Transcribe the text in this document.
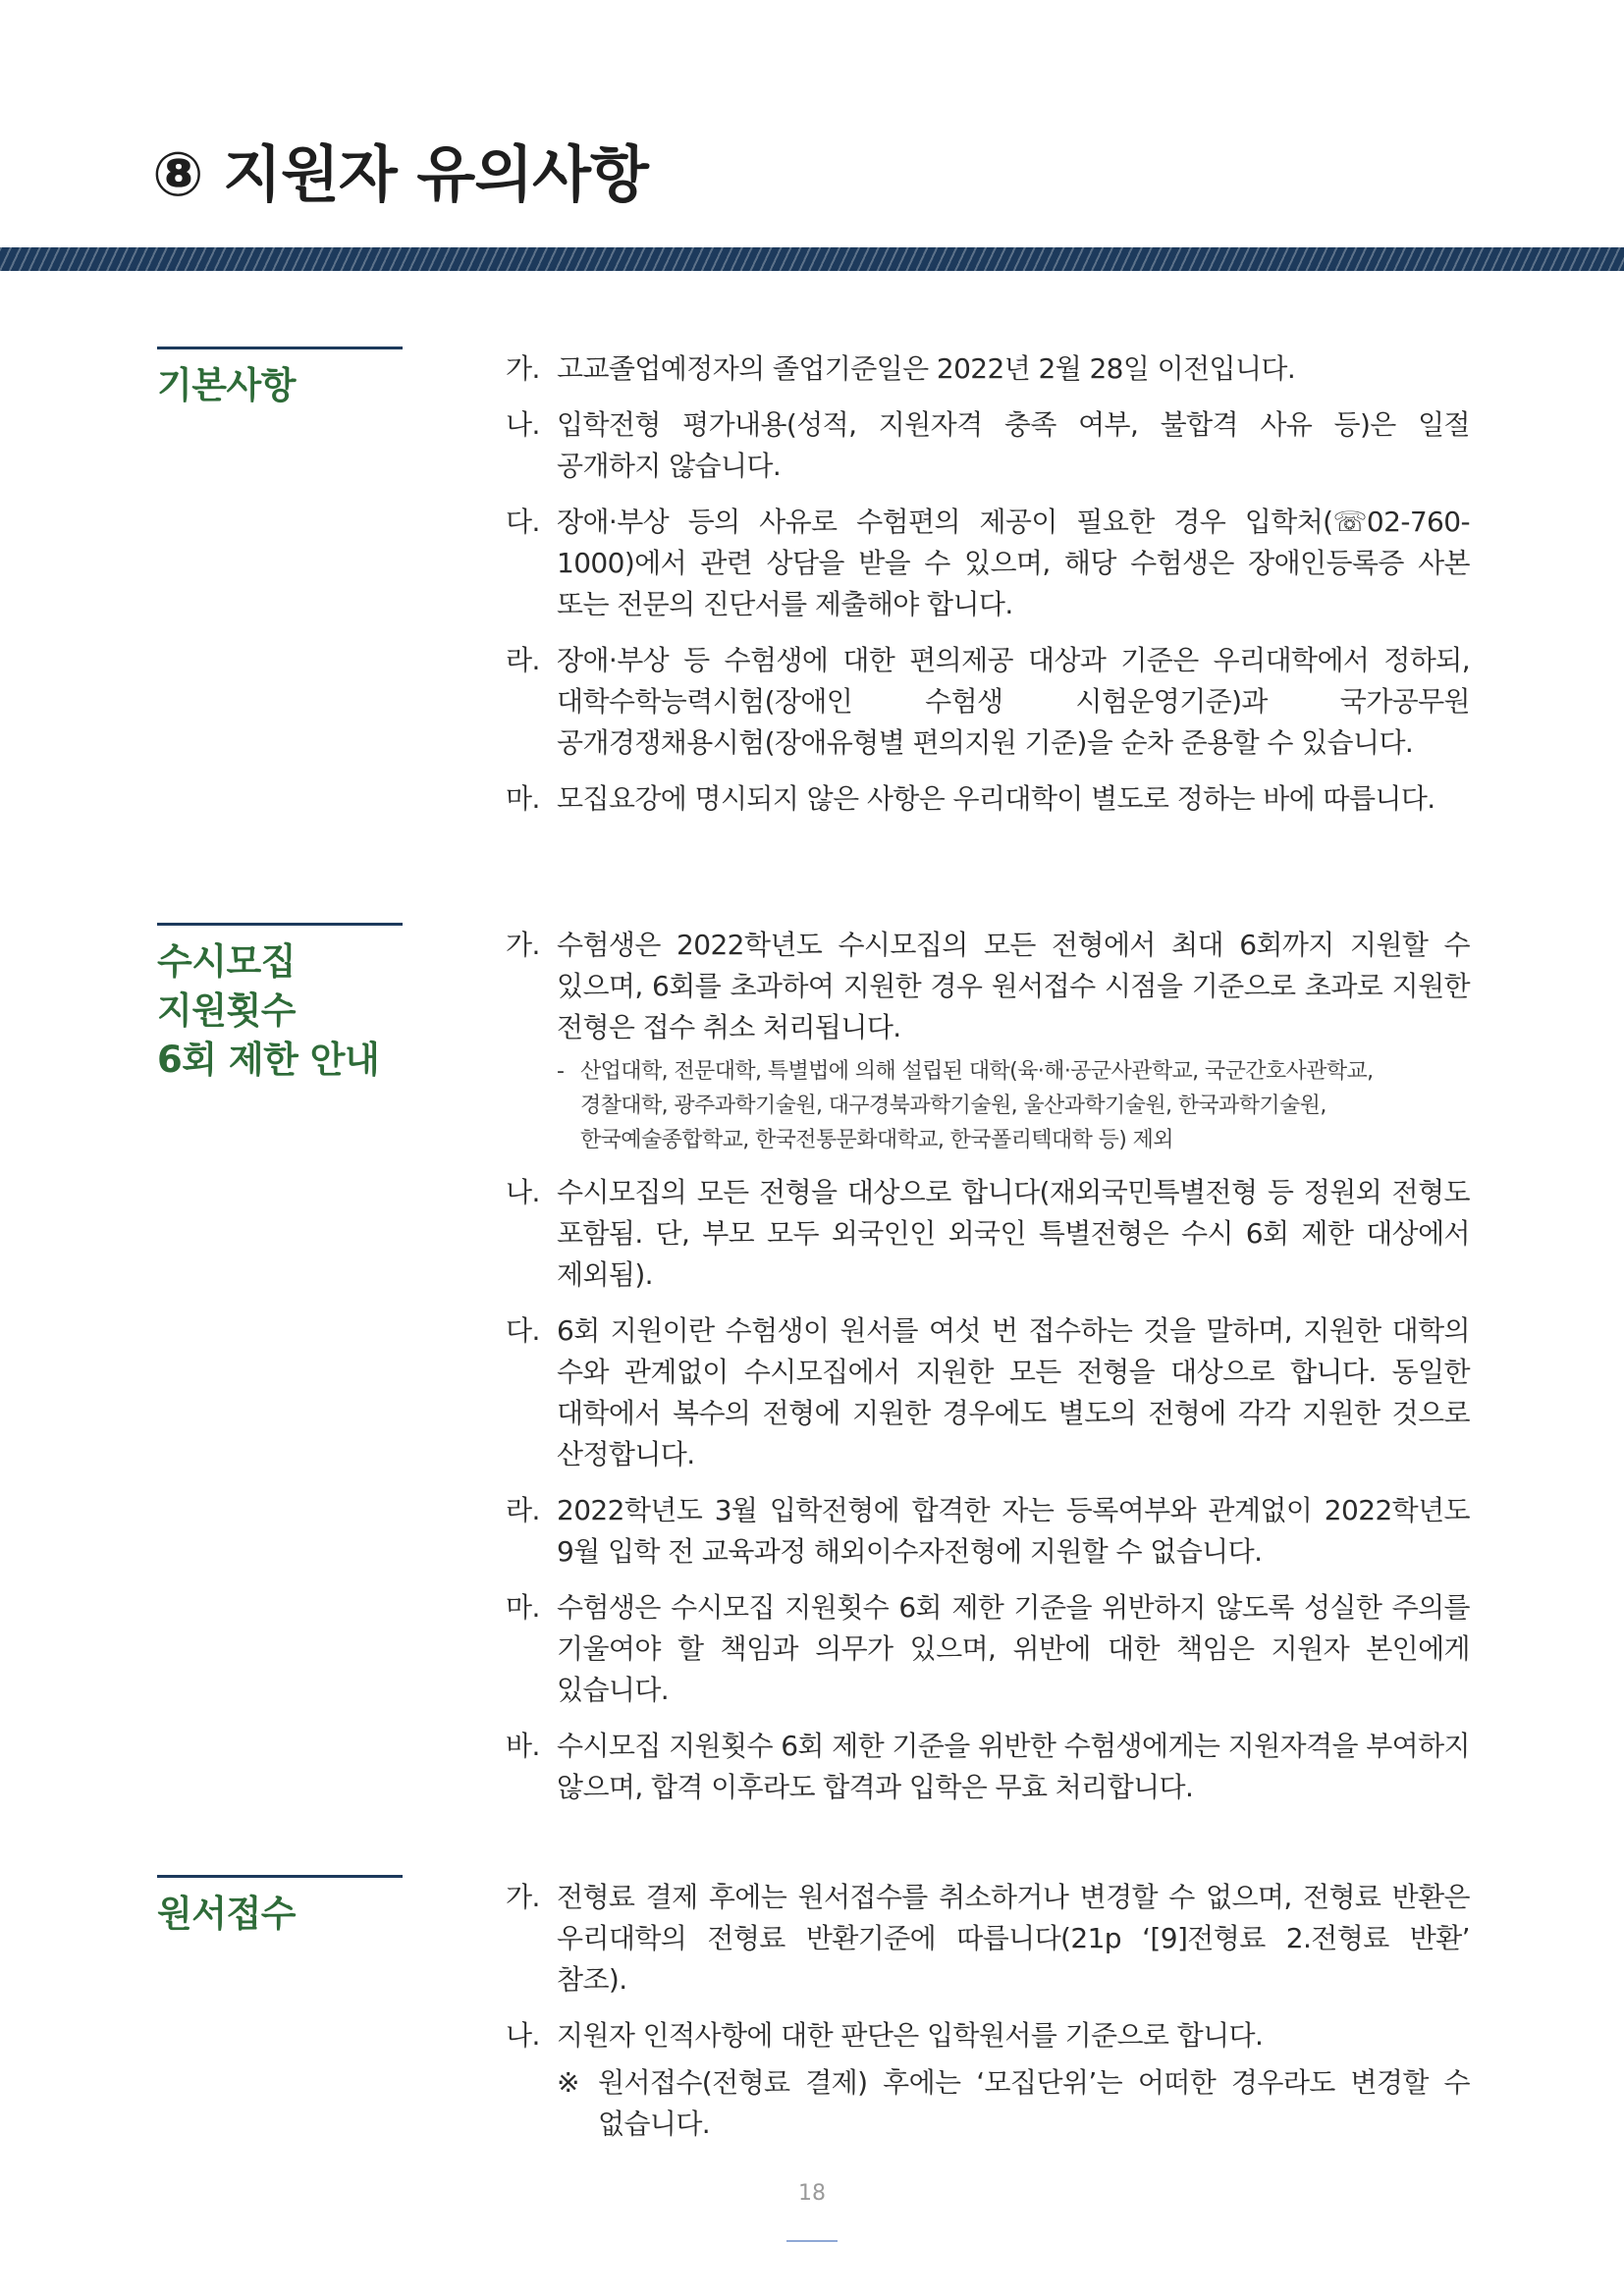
⑧ 지원자 유의사항
기본사항	가. 고교졸업예정자의 졸업기준일은 2022년 2월 28일 이전입니다.
나. 입학전형 평가내용(성적, 지원자격 충족 여부, 불합격 사유 등)은 일절 공개하지 않습니다.
다. 장애·부상 등의 사유로 수험편의 제공이 필요한 경우 입학처(☏02-760-1000)에서 관련 상담을 받을 수 있으며, 해당 수험생은 장애인등록증 사본 또는 전문의 진단서를 제출해야 합니다.
라. 장애·부상 등 수험생에 대한 편의제공 대상과 기준은 우리대학에서 정하되, 대학수학능력시험(장애인 수험생 시험운영기준)과 국가공무원 공개경쟁채용시험(장애유형별 편의지원 기준)을 순차 준용할 수 있습니다.
마. 모집요강에 명시되지 않은 사항은 우리대학이 별도로 정하는 바에 따릅니다.
수시모집
지원횟수
6회 제한 안내
가. 수험생은 2022학년도 수시모집의 모든 전형에서 최대 6회까지 지원할 수 있으며, 6회를 초과하여 지원한 경우 원서접수 시점을 기준으로 초과로 지원한 전형은 접수 취소 처리됩니다.
- 산업대학, 전문대학, 특별법에 의해 설립된 대학(육·해·공군사관학교, 국군간호사관학교,
경찰대학, 광주과학기술원, 대구경북과학기술원, 울산과학기술원, 한국과학기술원,
한국예술종합학교, 한국전통문화대학교, 한국폴리텍대학 등) 제외
나. 수시모집의 모든 전형을 대상으로 합니다(재외국민특별전형 등 정원외 전형도 포함됨. 단, 부모 모두 외국인인 외국인 특별전형은 수시 6회 제한 대상에서 제외됨).
다. 6회 지원이란 수험생이 원서를 여섯 번 접수하는 것을 말하며, 지원한 대학의 수와 관계없이 수시모집에서 지원한 모든 전형을 대상으로 합니다. 동일한 대학에서 복수의 전형에 지원한 경우에도 별도의 전형에 각각 지원한 것으로 산정합니다.
라. 2022학년도 3월 입학전형에 합격한 자는 등록여부와 관계없이 2022학년도 9월 입학 전 교육과정 해외이수자전형에 지원할 수 없습니다.
마. 수험생은 수시모집 지원횟수 6회 제한 기준을 위반하지 않도록 성실한 주의를 기울여야 할 책임과 의무가 있으며, 위반에 대한 책임은 지원자 본인에게 있습니다.
바. 수시모집 지원횟수 6회 제한 기준을 위반한 수험생에게는 지원자격을 부여하지 않으며, 합격 이후라도 합격과 입학은 무효 처리합니다.
원서접수	가. 전형료 결제 후에는 원서접수를 취소하거나 변경할 수 없으며, 전형료 반환은 우리대학의 전형료 반환기준에 따릅니다(21p ‘[9]전형료 2.전형료 반환’ 참조).
나. 지원자 인적사항에 대한 판단은 입학원서를 기준으로 합니다.
※ 원서접수(전형료 결제) 후에는 ‘모집단위’는 어떠한 경우라도 변경할 수 없습니다.
18
